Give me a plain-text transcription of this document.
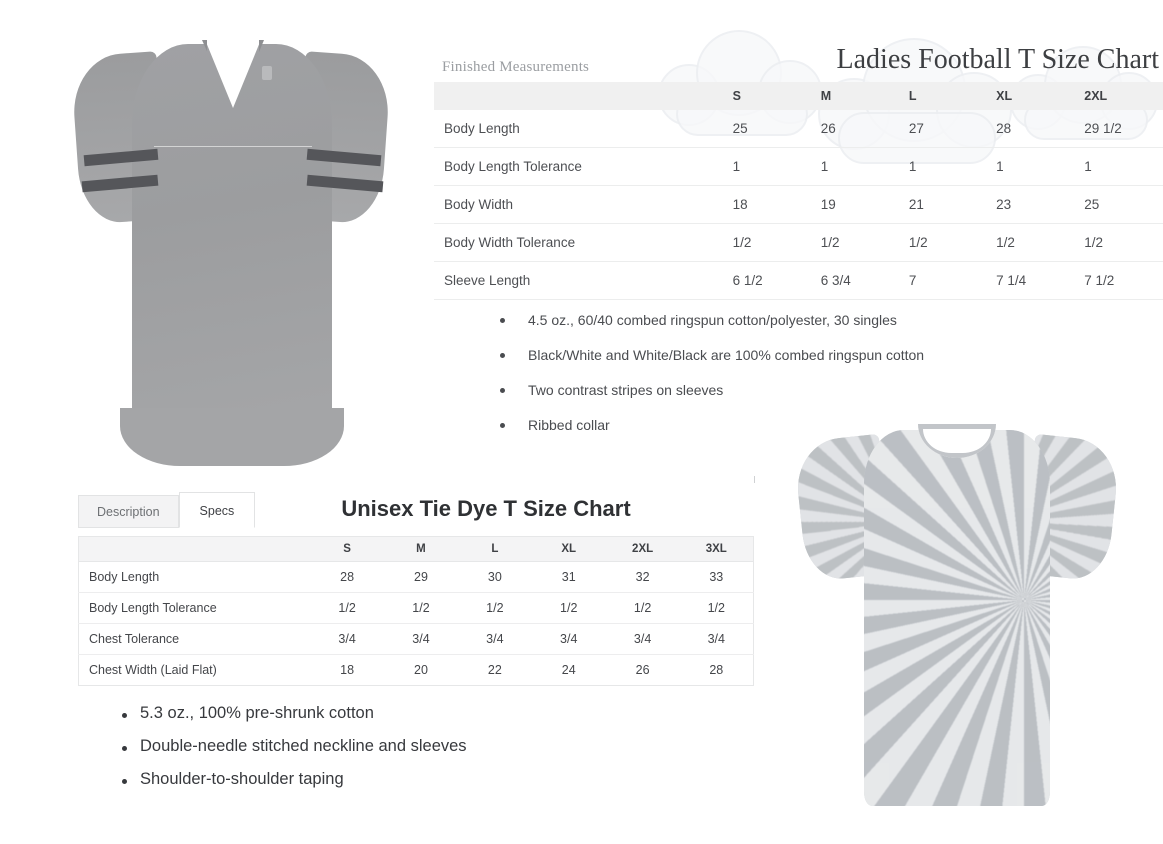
Finished Measurements	Ladies Football T Size Chart
	S	M	L	XL	2XL
Body Length	25	26	27	28	29 1/2
Body Length Tolerance	1	1	1	1	1
Body Width	18	19	21	23	25
Body Width Tolerance	1/2	1/2	1/2	1/2	1/2
Sleeve Length	6 1/2	6 3/4	7	7 1/4	7 1/2
4.5 oz., 60/40 combed ringspun cotton/polyester, 30 singles
Black/White and White/Black are 100% combed ringspun cotton
Two contrast stripes on sleeves
Ribbed collar
Description	Specs	Unisex Tie Dye T Size Chart
	S	M	L	XL	2XL	3XL
Body Length	28	29	30	31	32	33
Body Length Tolerance	1/2	1/2	1/2	1/2	1/2	1/2
Chest Tolerance	3/4	3/4	3/4	3/4	3/4	3/4
Chest Width (Laid Flat)	18	20	22	24	26	28
5.3 oz., 100% pre-shrunk cotton
Double-needle stitched neckline and sleeves
Shoulder-to-shoulder taping
